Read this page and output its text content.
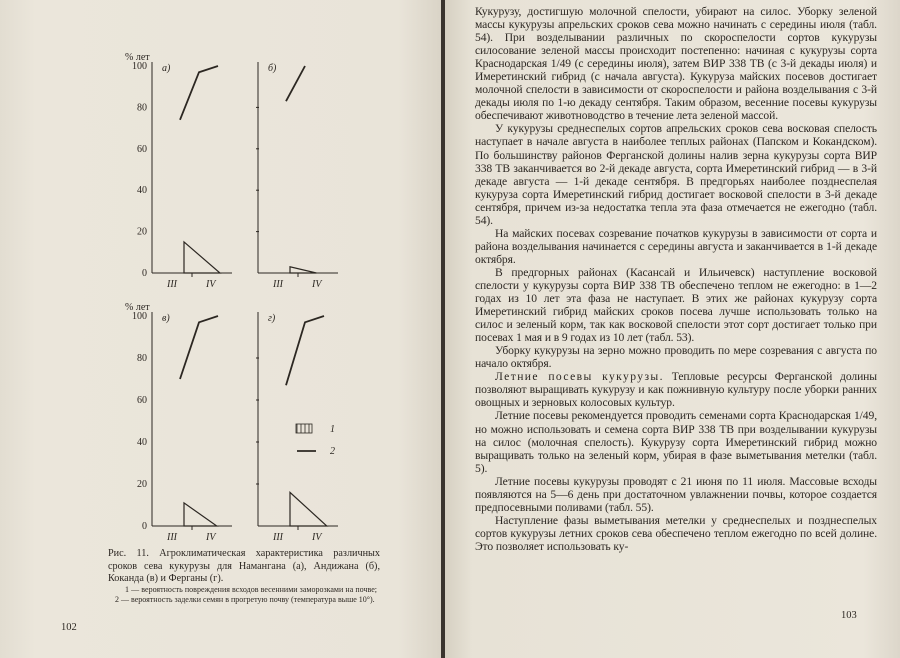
а)
100
80
60
40
20
0
% лет
III	IV
б)
III	IV
в)
100
80
60
40
20
0
% лет
III	IV
г)
III	IV
1
2
Рис. 11. Агроклиматическая характеристика различных сроков сева кукурузы для Намангана (а), Андижана (б), Коканда (в) и Ферганы (г).
1 — вероятность повреждения всходов весенними заморозками на почве; 2 — вероятность заделки семян в прогретую почву (температура выше 10°).
102

Кукурузу, достигшую молочной спелости, убирают на силос. Уборку зеленой массы кукурузы апрельских сроков сева можно начинать с середины июля (табл. 54). При возделывании различных по скороспелости сортов кукурузы силосование зеленой массы происходит постепенно: начиная с кукурузы сорта Краснодарская 1/49 (с середины июля), затем ВИР 338 ТВ (с 3-й декады июля) и Имеретинский гибрид (с начала августа). Кукуруза майских посевов достигает молочной спелости в зависимости от скороспелости и района возделывания с 3-й декады июля по 1-ю декаду сентября. Таким образом, весенние посевы кукурузы обеспечивают животноводство в течение лета зеленой массой.

У кукурузы среднеспелых сортов апрельских сроков сева восковая спелость наступает в начале августа в наиболее теплых районах (Папском и Кокандском). По большинству районов Ферганской долины налив зерна кукурузы сорта ВИР 338 ТВ заканчивается во 2-й декаде августа, сорта Имеретинский гибрид — в 3-й декаде августа — 1-й декаде сентября. В предгорьях наиболее позднеспелая кукуруза сорта Имеретинский гибрид достигает восковой спелости в 3-й декаде сентября, причем из-за недостатка тепла эта фаза отмечается не ежегодно (табл. 54).

На майских посевах созревание початков кукурузы в зависимости от сорта и района возделывания начинается с середины августа и заканчивается в 1-й декаде октября.

В предгорных районах (Касансай и Ильичевск) наступление восковой спелости у кукурузы сорта ВИР 338 ТВ обеспечено теплом не ежегодно: в 1—2 годах из 10 лет эта фаза не наступает. В этих же районах кукурузу сорта Имеретинский гибрид майских сроков посева лучше использовать только на силос и зеленый корм, так как восковой спелости этот сорт достигает только при посевах 1 мая и в 9 годах из 10 лет (табл. 53).

Уборку кукурузы на зерно можно проводить по мере созревания с августа по начало октября.

Летние посевы кукурузы. Тепловые ресурсы Ферганской долины позволяют выращивать кукурузу и как пожнивную культуру после уборки ранних овощных и зерновых колосовых культур.

Летние посевы рекомендуется проводить семенами сорта Краснодарская 1/49, но можно использовать и семена сорта ВИР 338 ТВ при возделывании кукурузы на силос (молочная спелость). Кукурузу сорта Имеретинский гибрид можно выращивать только на зеленый корм, убирая в фазе выметывания метелки (табл. 5).

Летние посевы кукурузы проводят с 21 июня по 11 июля. Массовые всходы появляются на 5—6 день при достаточном увлажнении почвы, которое создается предпосевными поливами (табл. 55).

Наступление фазы выметывания метелки у среднеспелых и позднеспелых сортов кукурузы летних сроков сева обеспечено теплом ежегодно по всей долине. Это позволяет использовать ку-

103
